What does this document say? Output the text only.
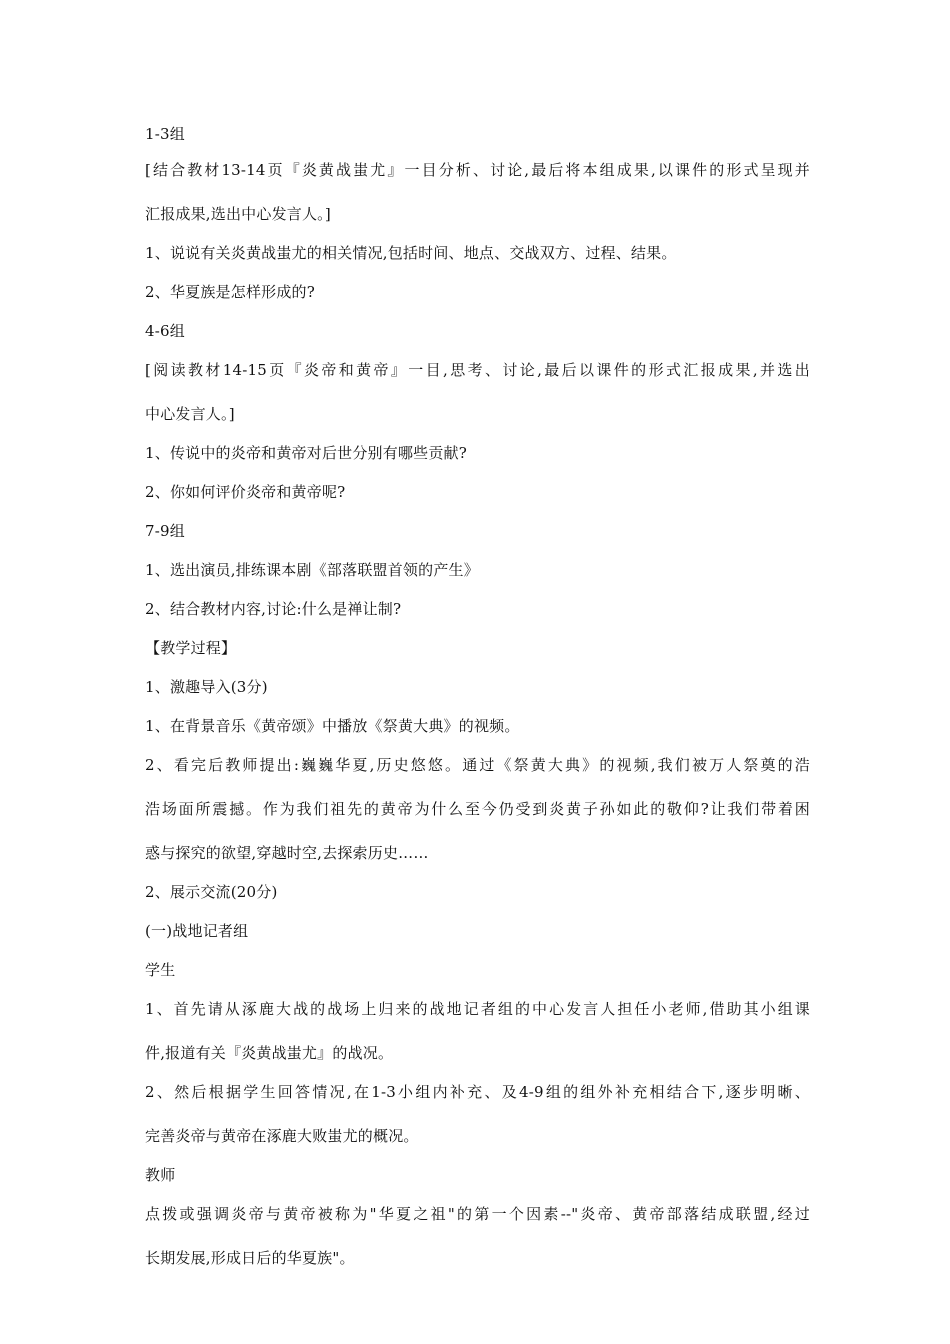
1-3组
[结合教材13-14页『炎黄战蚩尤』一目分析、讨论,最后将本组成果,以课件的形式呈现并
汇报成果,选出中心发言人。]
1、说说有关炎黄战蚩尤的相关情况,包括时间、地点、交战双方、过程、结果。
2、华夏族是怎样形成的?
4-6组
[阅读教材14-15页『炎帝和黄帝』一目,思考、讨论,最后以课件的形式汇报成果,并选出
中心发言人。]
1、传说中的炎帝和黄帝对后世分别有哪些贡献?
2、你如何评价炎帝和黄帝呢?
7-9组
1、选出演员,排练课本剧《部落联盟首领的产生》
2、结合教材内容,讨论:什么是禅让制?
【教学过程】
1、激趣导入(3分)
1、在背景音乐《黄帝颂》中播放《祭黄大典》的视频。
2、看完后教师提出:巍巍华夏,历史悠悠。通过《祭黄大典》的视频,我们被万人祭奠的浩
浩场面所震撼。作为我们祖先的黄帝为什么至今仍受到炎黄子孙如此的敬仰?让我们带着困
惑与探究的欲望,穿越时空,去探索历史……
2、展示交流(20分)
(一)战地记者组
学生
1、首先请从涿鹿大战的战场上归来的战地记者组的中心发言人担任小老师,借助其小组课
件,报道有关『炎黄战蚩尤』的战况。
2、然后根据学生回答情况,在1-3小组内补充、及4-9组的组外补充相结合下,逐步明晰、
完善炎帝与黄帝在涿鹿大败蚩尤的概况。
教师
点拨或强调炎帝与黄帝被称为"华夏之祖"的第一个因素--"炎帝、黄帝部落结成联盟,经过
长期发展,形成日后的华夏族"。
